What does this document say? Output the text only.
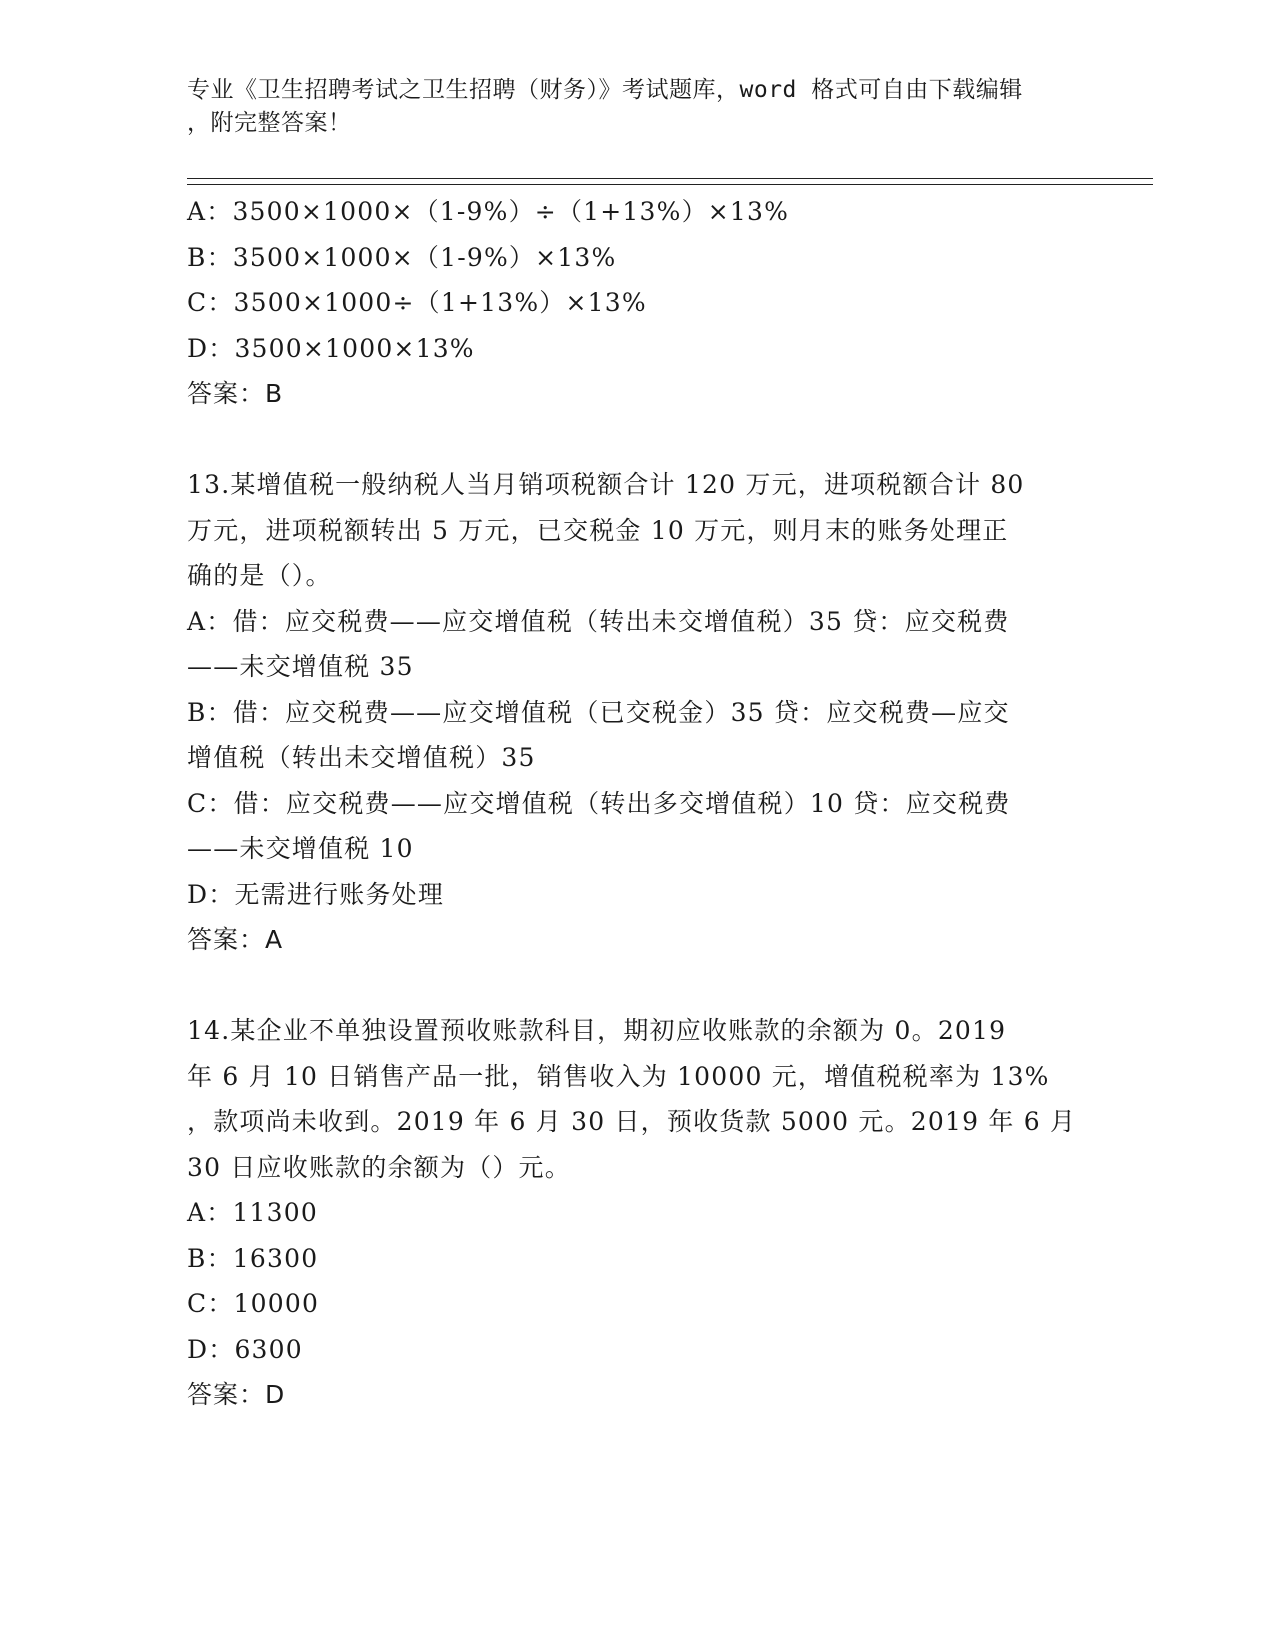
专业《卫生招聘考试之卫生招聘（财务）》考试题库，word 格式可自由下载编辑
，附完整答案！
A：3500×1000×（1-9%）÷（1+13%）×13%
B：3500×1000×（1-9%）×13%
C：3500×1000÷（1+13%）×13%
D：3500×1000×13%
答案：B
13.某增值税一般纳税人当月销项税额合计 120 万元，进项税额合计 80
万元，进项税额转出 5 万元，已交税金 10 万元，则月末的账务处理正
确的是（）。
A：借：应交税费——应交增值税（转出未交增值税）35 贷：应交税费
——未交增值税 35
B：借：应交税费——应交增值税（已交税金）35 贷：应交税费—应交
增值税（转出未交增值税）35
C：借：应交税费——应交增值税（转出多交增值税）10 贷：应交税费
——未交增值税 10
D：无需进行账务处理
答案：A
14.某企业不单独设置预收账款科目，期初应收账款的余额为 0。2019
年 6 月 10 日销售产品一批，销售收入为 10000 元，增值税税率为 13%
，款项尚未收到。2019 年 6 月 30 日，预收货款 5000 元。2019 年 6 月
30 日应收账款的余额为（）元。
A：11300
B：16300
C：10000
D：6300
答案：D
